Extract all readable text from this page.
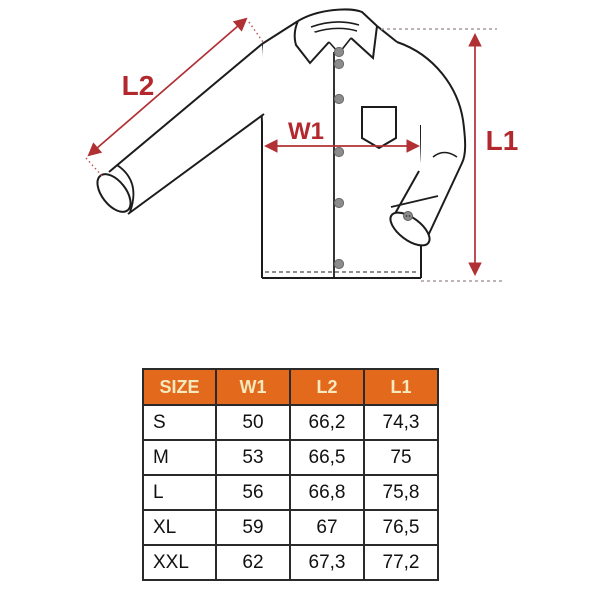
L2
W1	L1
SIZE	W1	L2	L1
S	50	66,2	74,3
M	53	66,5	75
L	56	66,8	75,8
XL	59	67	76,5
XXL	62	67,3	77,2
